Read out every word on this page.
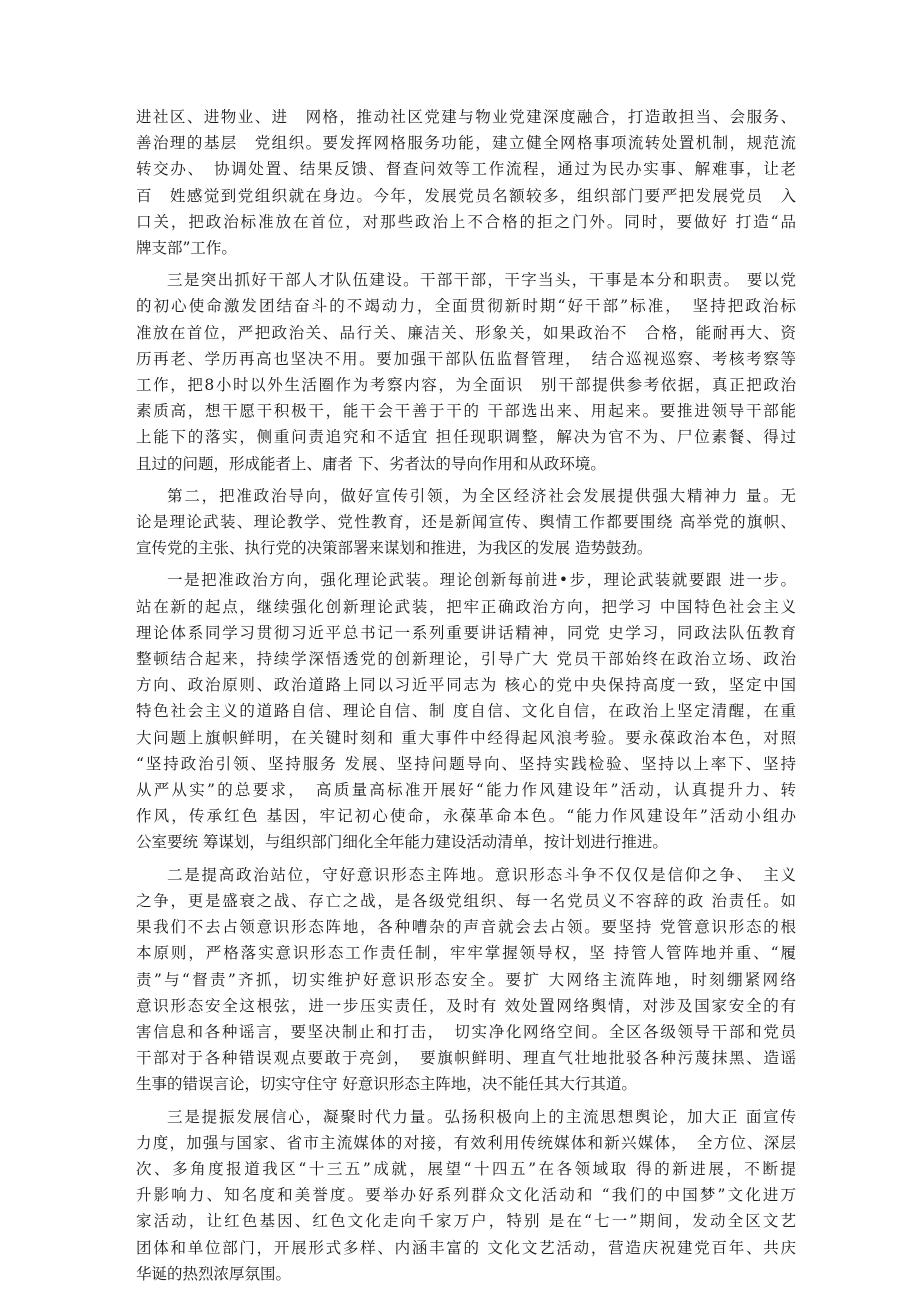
进社区、进物业、进　网格，推动社区党建与物业党建深度融合，打造敢担当、会服务、
善治理的基层　党组织。要发挥网格服务功能，建立健全网格事项流转处置机制，规范流
转交办、　协调处置、结果反馈、督查问效等工作流程，通过为民办实事、解难事，让老
百　姓感觉到党组织就在身边。今年，发展党员名额较多，组织部门要严把发展党员　入
口关，把政治标准放在首位，对那些政治上不合格的拒之门外。同时，要做好 打造“品
牌支部”工作。
三是突出抓好干部人才队伍建设。干部干部，干字当头，干事是本分和职责。 要以党
的初心使命激发团结奋斗的不竭动力，全面贯彻新时期“好干部”标准，　坚持把政治标
准放在首位，严把政治关、品行关、廉洁关、形象关，如果政治不　合格，能耐再大、资
历再老、学历再高也坚决不用。要加强干部队伍监督管理，　结合巡视巡察、考核考察等
工作，把8小时以外生活圈作为考察内容，为全面识　别干部提供参考依据，真正把政治
素质高，想干愿干积极干，能干会干善于干的 干部选出来、用起来。要推进领导干部能
上能下的落实，侧重问责追究和不适宜 担任现职调整，解决为官不为、尸位素餐、得过
且过的问题，形成能者上、庸者 下、劣者汰的导向作用和从政环境。
第二，把准政治导向，做好宣传引领，为全区经济社会发展提供强大精神力 量。无
论是理论武装、理论教学、党性教育，还是新闻宣传、舆情工作都要围绕 高举党的旗帜、
宣传党的主张、执行党的决策部署来谋划和推进，为我区的发展 造势鼓劲。
一是把准政治方向，强化理论武装。理论创新每前进•步，理论武装就要跟 进一步。
站在新的起点，继续强化创新理论武装，把牢正确政治方向，把学习 中国特色社会主义
理论体系同学习贯彻习近平总书记一系列重要讲话精神，同党 史学习，同政法队伍教育
整顿结合起来，持续学深悟透党的创新理论，引导广大 党员干部始终在政治立场、政治
方向、政治原则、政治道路上同以习近平同志为 核心的党中央保持高度一致，坚定中国
特色社会主义的道路自信、理论自信、制 度自信、文化自信，在政治上坚定清醒，在重
大问题上旗帜鲜明，在关键时刻和 重大事件中经得起风浪考验。要永葆政治本色，对照
“坚持政治引领、坚持服务 发展、坚持问题导向、坚持实践检验、坚持以上率下、坚持
从严从实”的总要求，　高质量高标准开展好“能力作风建设年”活动，认真提升力、转
作风，传承红色 基因，牢记初心使命，永葆革命本色。“能力作风建设年”活动小组办
公室要统 筹谋划，与组织部门细化全年能力建设活动清单，按计划进行推进。
二是提高政治站位，守好意识形态主阵地。意识形态斗争不仅仅是信仰之争、　主义
之争，更是盛衰之战、存亡之战，是各级党组织、每一名党员义不容辞的政 治责任。如
果我们不去占领意识形态阵地，各种嘈杂的声音就会去占领。要坚持 党管意识形态的根
本原则，严格落实意识形态工作责任制，牢牢掌握领导权，坚 持管人管阵地并重、“履
责”与“督责”齐抓，切实维护好意识形态安全。要扩 大网络主流阵地，时刻绷紧网络
意识形态安全这根弦，进一步压实责任，及时有 效处置网络舆情，对涉及国家安全的有
害信息和各种谣言，要坚决制止和打击，　切实净化网络空间。全区各级领导干部和党员
干部对于各种错误观点要敢于亮剑，　要旗帜鲜明、理直气壮地批驳各种污蔑抹黑、造谣
生事的错误言论，切实守住守 好意识形态主阵地，决不能任其大行其道。
三是提振发展信心，凝聚时代力量。弘扬积极向上的主流思想舆论，加大正 面宣传
力度，加强与国家、省市主流媒体的对接，有效利用传统媒体和新兴媒体，　全方位、深层
次、多角度报道我区“十三五”成就，展望“十四五”在各领域取 得的新进展，不断提
升影响力、知名度和美誉度。要举办好系列群众文化活动和 “我们的中国梦”文化进万
家活动，让红色基因、红色文化走向千家万户，特别 是在“七一”期间，发动全区文艺
团体和单位部门，开展形式多样、内涵丰富的 文化文艺活动，营造庆祝建党百年、共庆
华诞的热烈浓厚氛围。
